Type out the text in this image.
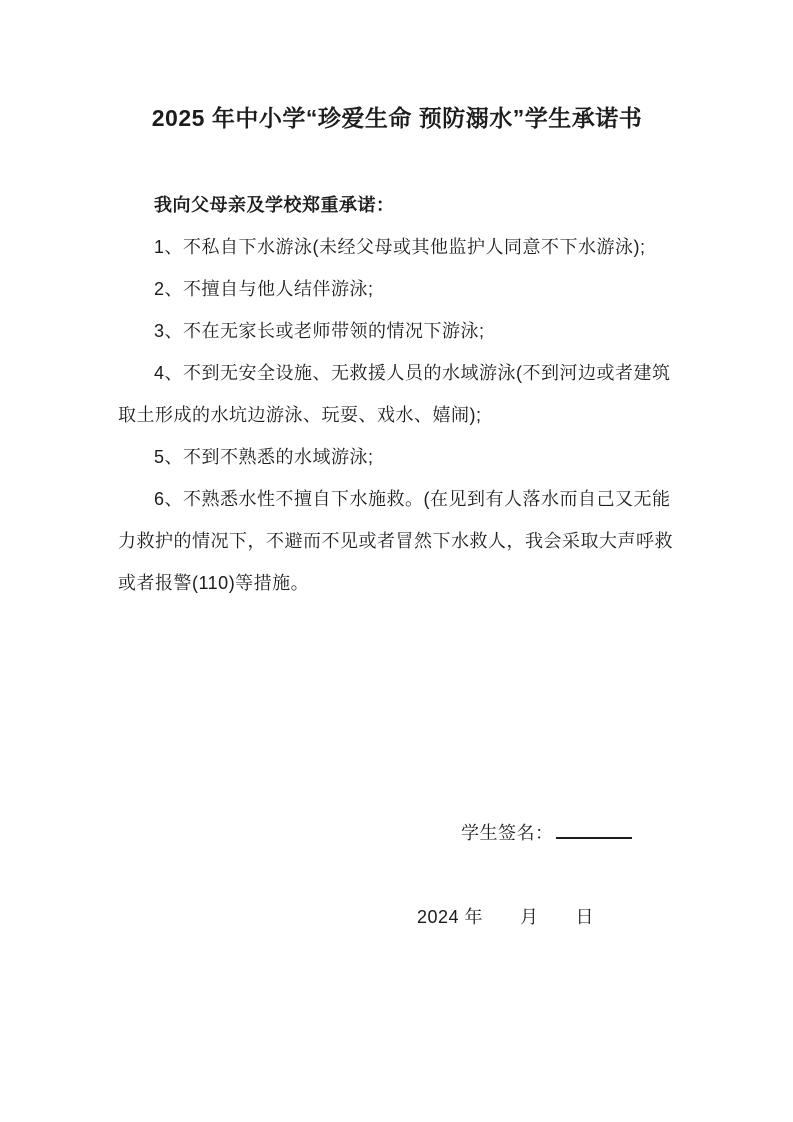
2025 年中小学“珍爱生命 预防溺水”学生承诺书

我向父母亲及学校郑重承诺：

1、不私自下水游泳(未经父母或其他监护人同意不下水游泳);

2、不擅自与他人结伴游泳;

3、不在无家长或老师带领的情况下游泳;

4、不到无安全设施、无救援人员的水域游泳(不到河边或者建筑取土形成的水坑边游泳、玩耍、戏水、嬉闹);

5、不到不熟悉的水域游泳;

6、不熟悉水性不擅自下水施救。(在见到有人落水而自己又无能力救护的情况下，不避而不见或者冒然下水救人，我会采取大声呼救或者报警(110)等措施。

学生签名：

2024 年　　月　　日
